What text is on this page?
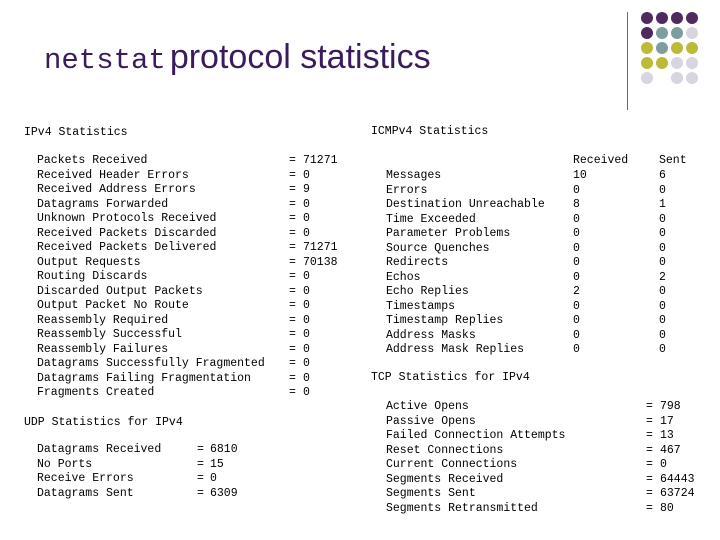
netstat protocol statistics
IPv4 Statistics
Packets Received
Received Header Errors
Received Address Errors
Datagrams Forwarded
Unknown Protocols Received
Received Packets Discarded
Received Packets Delivered
Output Requests
Routing Discards
Discarded Output Packets
Output Packet No Route
Reassembly Required
Reassembly Successful
Reassembly Failures
Datagrams Successfully Fragmented
Datagrams Failing Fragmentation
Fragments Created
=
=
=
=
=
=
=
=
=
=
=
=
=
=
=
=
=
71271
0
9
0
0
0
71271
70138
0
0
0
0
0
0
0
0
0
UDP Statistics for IPv4
Datagrams Received
No Ports
Receive Errors
Datagrams Sent
=
=
=
=
6810
15
0
6309
ICMPv4 Statistics
Received	Sent
Messages
Errors
Destination Unreachable
Time Exceeded
Parameter Problems
Source Quenches
Redirects
Echos
Echo Replies
Timestamps
Timestamp Replies
Address Masks
Address Mask Replies
10
0
8
0
0
0
0
0
2
0
0
0
0
6
0
1
0
0
0
0
2
0
0
0
0
0
TCP Statistics for IPv4
Active Opens
Passive Opens
Failed Connection Attempts
Reset Connections
Current Connections
Segments Received
Segments Sent
Segments Retransmitted
=
=
=
=
=
=
=
=
798
17
13
467
0
64443
63724
80
